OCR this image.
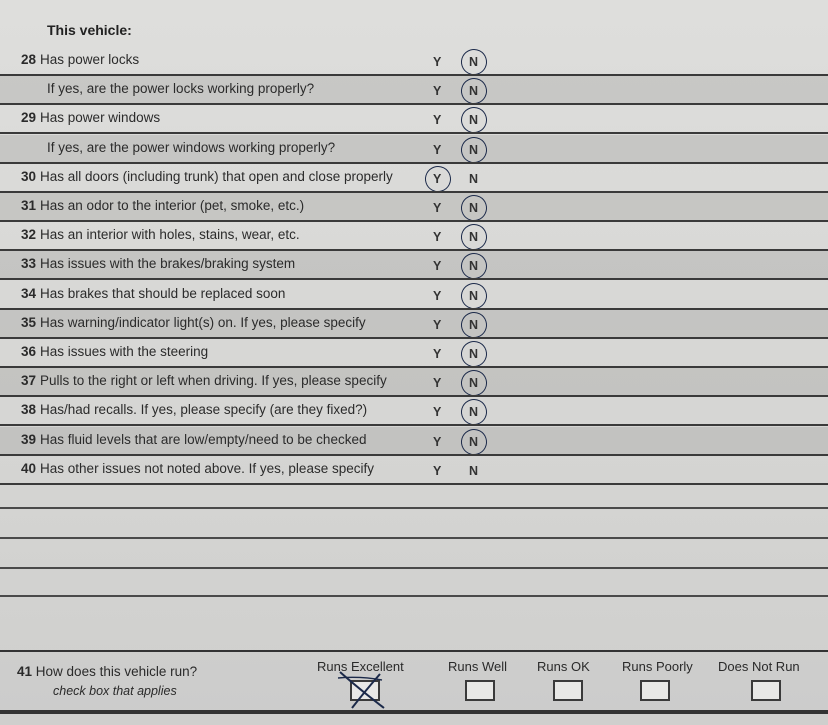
This vehicle:
28 Has power locks	Y N
If yes, are the power locks working properly?	Y N
29 Has power windows	Y N
If yes, are the power windows working properly?	Y N
30 Has all doors (including trunk) that open and close properly	Y N
31 Has an odor to the interior (pet, smoke, etc.)	Y N
32 Has an interior with holes, stains, wear, etc.	Y N
33 Has issues with the brakes/braking system	Y N
34 Has brakes that should be replaced soon	Y N
35 Has warning/indicator light(s) on. If yes, please specify	Y N
36 Has issues with the steering	Y N
37 Pulls to the right or left when driving. If yes, please specify	Y N
38 Has/had recalls. If yes, please specify (are they fixed?)	Y N
39 Has fluid levels that are low/empty/need to be checked	Y N
40 Has other issues not noted above. If yes, please specify	Y N
41 How does this vehicle run?
check box that applies
Runs Excellent	Runs Well Runs OK Runs Poorly Does Not Run
